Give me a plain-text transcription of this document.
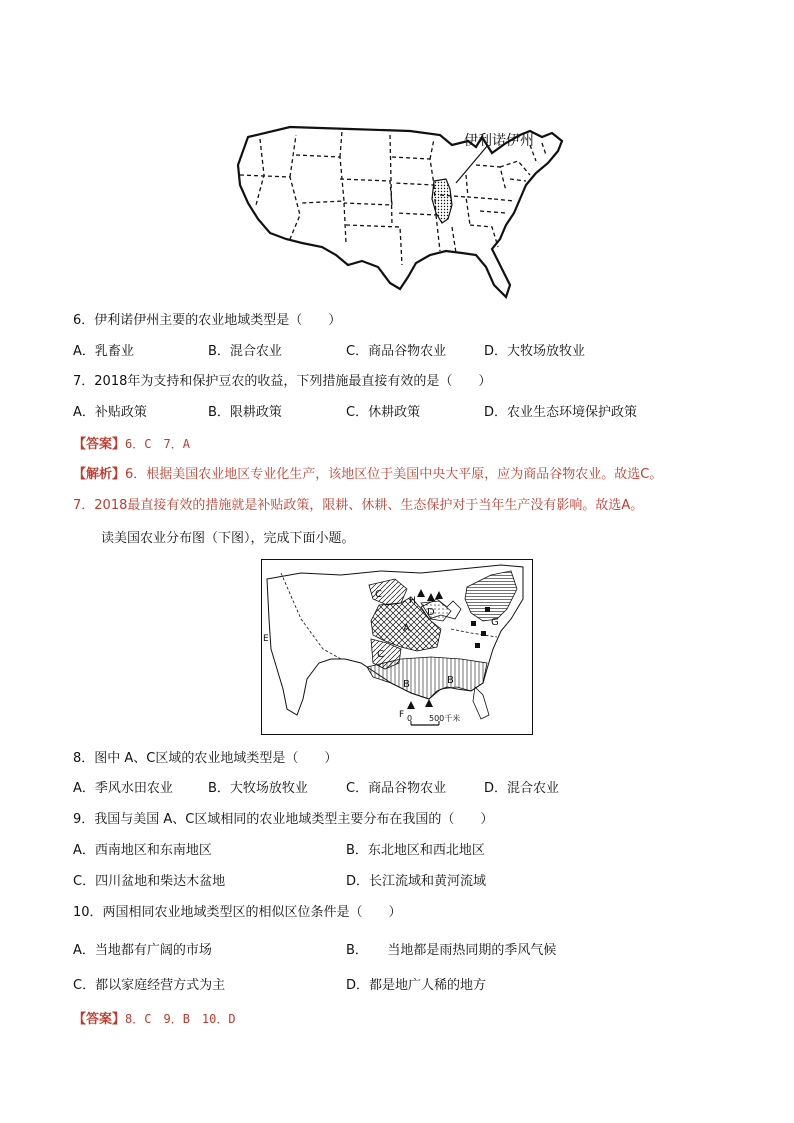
伊利诺伊州
6．伊利诺伊州主要的农业地域类型是（　　）
A．乳畜业	B．混合农业	C．商品谷物农业	D．大牧场放牧业
7．2018年为支持和保护豆农的收益，下列措施最直接有效的是（　　）
A．补贴政策	B．限耕政策	C．休耕政策	D．农业生态环境保护政策
【答案】6．C　7．A
【解析】6．根据美国农业地区专业化生产，该地区位于美国中央大平原，应为商品谷物农业。故选C。
7．2018最直接有效的措施就是补贴政策，限耕、休耕、生态保护对于当年生产没有影响。故选A。
读美国农业分布图（下图），完成下面小题。
A
B	B
C
C
D
E
F
G
H
0 500千米
8．图中 A、C区域的农业地域类型是（　　）
A．季风水田农业	B．大牧场放牧业	C．商品谷物农业	D．混合农业
9．我国与美国 A、C区域相同的农业地域类型主要分布在我国的（　　）
A．西南地区和东南地区	B．东北地区和西北地区
C．四川盆地和柴达木盆地	D．长江流域和黄河流域
10．两国相同农业地域类型区的相似区位条件是（　　）
A．当地都有广阔的市场	B．　　当地都是雨热同期的季风气候
C．都以家庭经营方式为主	D．都是地广人稀的地方
【答案】8．C　9．B　10．D
